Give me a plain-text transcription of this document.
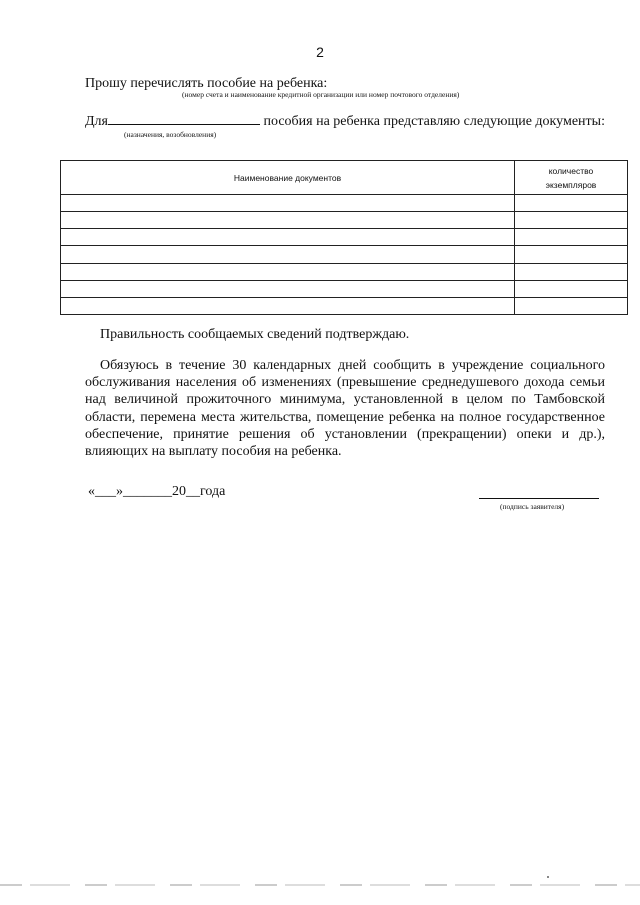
2
Прошу перечислять пособие на ребенка:
(номер счета и наименование кредитной организации или номер почтового отделения)
Для	пособия на ребенка представляю следующие документы:
(назначения, возобновления)
Наименование документов	количество
экземпляров

Правильность сообщаемых сведений подтверждаю.
Обязуюсь в течение 30 календарных дней сообщить в учреждение социального обслуживания населения об изменениях (превышение среднедушевого дохода семьи над величиной прожиточного минимума, установленной в целом по Тамбовской области, перемена места жительства, помещение ребенка на полное государственное обеспечение, принятие решения об установлении (прекращении) опеки и др.), влияющих на выплату пособия на ребенка.
«___»_______20__года
(подпись заявителя)
